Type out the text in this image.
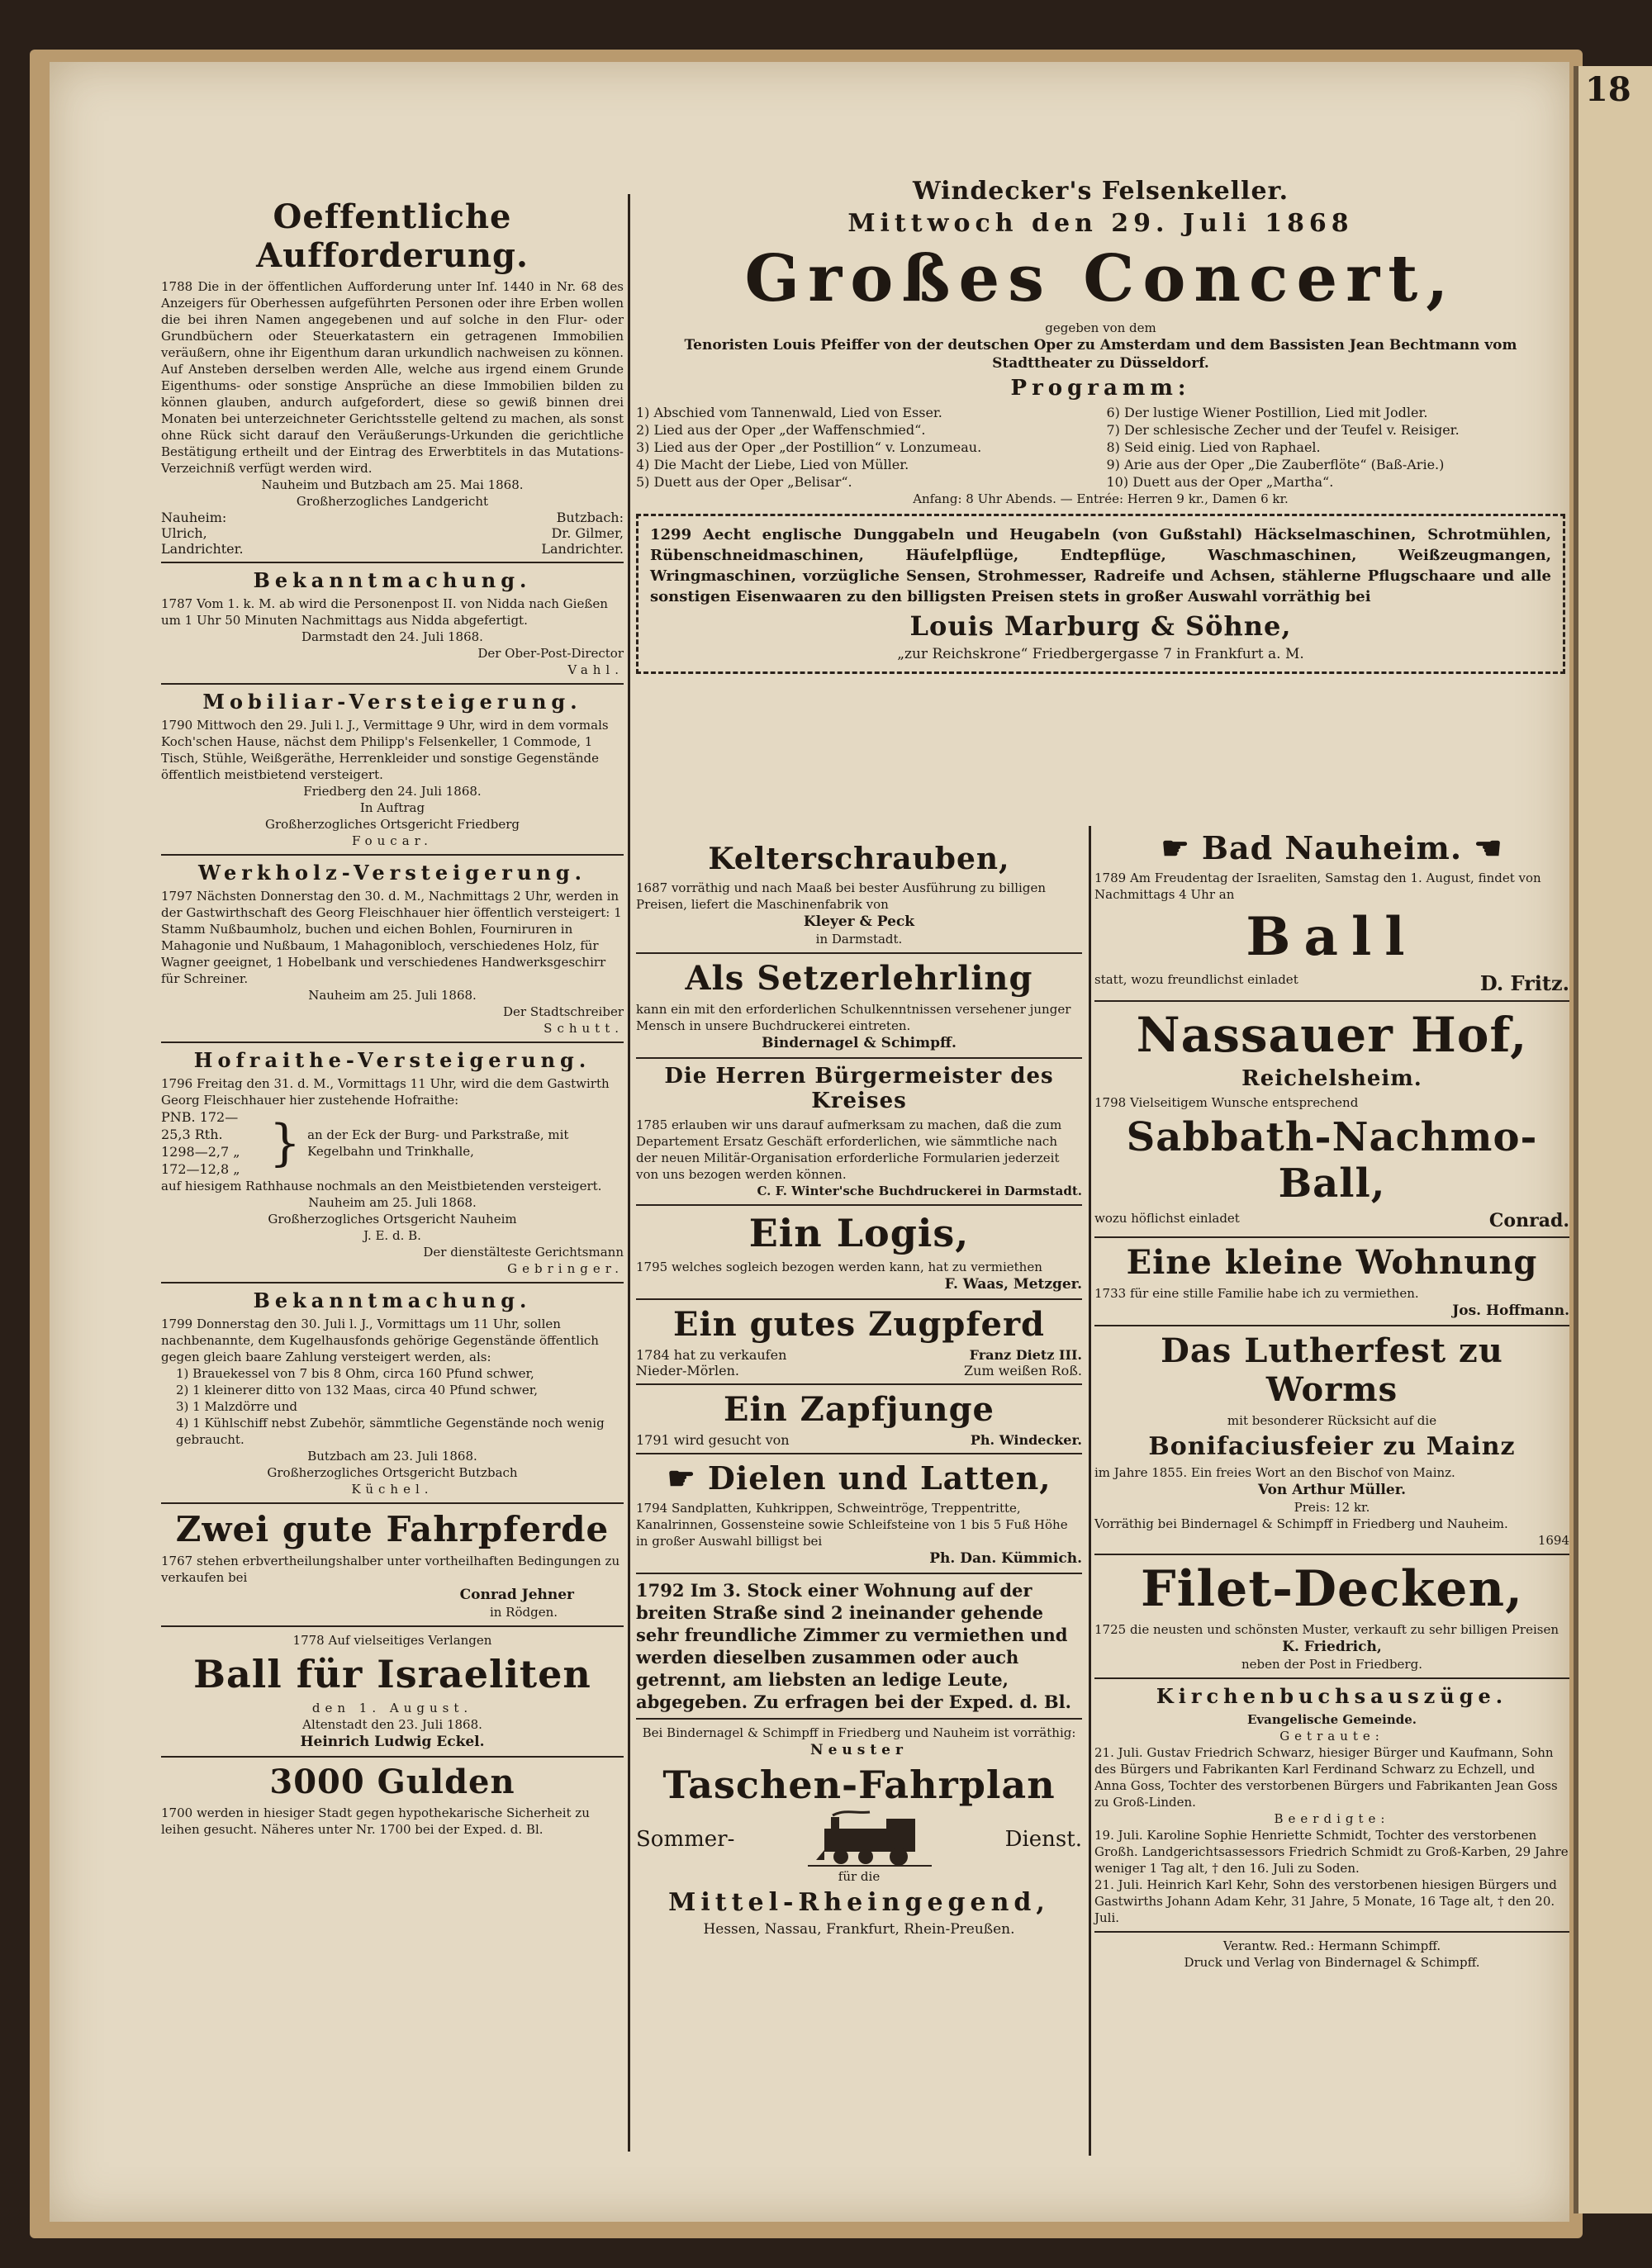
18
Oeffentliche Aufforderung.
1788 Die in der öffentlichen Aufforderung unter Inf. 1440 in Nr. 68 des Anzeigers für Oberhessen aufgeführten Personen oder ihre Erben wollen die bei ihren Namen angegebenen und auf solche in den Flur- oder Grundbüchern oder Steuerkatastern ein getragenen Immobilien veräußern, ohne ihr Eigenthum daran urkundlich nachweisen zu können. Auf Ansteben derselben werden Alle, welche aus irgend einem Grunde Eigenthums- oder sonstige Ansprüche an diese Immobilien bilden zu können glauben, andurch aufgefordert, diese so gewiß binnen drei Monaten bei unterzeichneter Gerichtsstelle geltend zu machen, als sonst ohne Rück sicht darauf den Veräußerungs-Urkunden die gerichtliche Bestätigung ertheilt und der Eintrag des Erwerbtitels in das Mutations-Verzeichniß verfügt werden wird.
Nauheim und Butzbach am 25. Mai 1868.
Großherzogliches Landgericht
Nauheim:	Butzbach:
Ulrich,	Dr. Gilmer,
Landrichter.	Landrichter.
Bekanntmachung.
1787 Vom 1. k. M. ab wird die Personenpost II. von Nidda nach Gießen um 1 Uhr 50 Minuten Nachmittags aus Nidda abgefertigt.
Darmstadt den 24. Juli 1868.
Der Ober-Post-Director
Vahl.
Mobiliar-Versteigerung.
1790 Mittwoch den 29. Juli l. J., Vermittage 9 Uhr, wird in dem vormals Koch'schen Hause, nächst dem Philipp's Felsenkeller, 1 Commode, 1 Tisch, Stühle, Weißgeräthe, Herrenkleider und sonstige Gegenstände öffentlich meistbietend versteigert.
Friedberg den 24. Juli 1868.
In Auftrag
Großherzogliches Ortsgericht Friedberg
Foucar.
Werkholz-Versteigerung.
1797 Nächsten Donnerstag den 30. d. M., Nachmittags 2 Uhr, werden in der Gastwirthschaft des Georg Fleischhauer hier öffentlich versteigert: 1 Stamm Nußbaumholz, buchen und eichen Bohlen, Fourniruren in Mahagonie und Nußbaum, 1 Mahagonibloch, verschiedenes Holz, für Wagner geeignet, 1 Hobelbank und verschiedenes Handwerksgeschirr für Schreiner.
Nauheim am 25. Juli 1868.
Der Stadtschreiber
Schutt.
Hofraithe-Versteigerung.
1796 Freitag den 31. d. M., Vormittags 11 Uhr, wird die dem Gastwirth Georg Fleischhauer hier zustehende Hofraithe:
PNB. 172—25,3 Rth.
1298—2,7 „
172—12,8 „ } an der Eck der Burg- und Parkstraße, mit Kegelbahn und Trinkhalle,
auf hiesigem Rathhause nochmals an den Meistbietenden versteigert.
Nauheim am 25. Juli 1868.
Großherzogliches Ortsgericht Nauheim
J. E. d. B.
Der dienstälteste Gerichtsmann
Gebringer.
Bekanntmachung.
1799 Donnerstag den 30. Juli l. J., Vormittags um 11 Uhr, sollen nachbenannte, dem Kugelhausfonds gehörige Gegenstände öffentlich gegen gleich baare Zahlung versteigert werden, als:
1) Brauekessel von 7 bis 8 Ohm, circa 160 Pfund schwer,
2) 1 kleinerer ditto von 132 Maas, circa 40 Pfund schwer,
3) 1 Malzdörre und
4) 1 Kühlschiff nebst Zubehör, sämmtliche Gegenstände noch wenig gebraucht.
Butzbach am 23. Juli 1868.
Großherzogliches Ortsgericht Butzbach
Küchel.
Zwei gute Fahrpferde
1767 stehen erbvertheilungshalber unter vortheilhaften Bedingungen zu verkaufen bei
Conrad Jehner
in Rödgen.
1778 Auf vielseitiges Verlangen
Ball für Israeliten
den 1. August.
Altenstadt den 23. Juli 1868.
Heinrich Ludwig Eckel.
3000 Gulden
1700 werden in hiesiger Stadt gegen hypothekarische Sicherheit zu leihen gesucht. Näheres unter Nr. 1700 bei der Exped. d. Bl.
Windecker's Felsenkeller.
Mittwoch den 29. Juli 1868
Großes Concert,
gegeben von dem
Tenoristen Louis Pfeiffer von der deutschen Oper zu Amsterdam und dem Bassisten Jean Bechtmann vom Stadttheater zu Düsseldorf.
Programm:
1) Abschied vom Tannenwald, Lied von Esser.
2) Lied aus der Oper „der Waffenschmied“.
3) Lied aus der Oper „der Postillion“ v. Lonzumeau.
4) Die Macht der Liebe, Lied von Müller.
5) Duett aus der Oper „Belisar“.
6) Der lustige Wiener Postillion, Lied mit Jodler.
7) Der schlesische Zecher und der Teufel v. Reisiger.
8) Seid einig. Lied von Raphael.
9) Arie aus der Oper „Die Zauberflöte“ (Baß-Arie.)
10) Duett aus der Oper „Martha“.
Anfang: 8 Uhr Abends. — Entrée: Herren 9 kr., Damen 6 kr.
1299 Aecht englische Dunggabeln und Heugabeln (von Gußstahl) Häckselmaschinen, Schrotmühlen, Rübenschneidmaschinen, Häufelpflüge, Endtepflüge, Waschmaschinen, Weißzeugmangen, Wringmaschinen, vorzügliche Sensen, Strohmesser, Radreife und Achsen, stählerne Pflugschaare und alle sonstigen Eisenwaaren zu den billigsten Preisen stets in großer Auswahl vorräthig bei
Louis Marburg & Söhne,
„zur Reichskrone“ Friedbergergasse 7 in Frankfurt a. M.
Kelterschrauben,
1687 vorräthig und nach Maaß bei bester Ausführung zu billigen Preisen, liefert die Maschinenfabrik von
Kleyer & Peck
in Darmstadt.
Als Setzerlehrling
kann ein mit den erforderlichen Schulkenntnissen versehener junger Mensch in unsere Buchdruckerei eintreten.
Bindernagel & Schimpff.
Die Herren Bürgermeister des Kreises
1785 erlauben wir uns darauf aufmerksam zu machen, daß die zum Departement Ersatz Geschäft erforderlichen, wie sämmtliche nach der neuen Militär-Organisation erforderliche Formularien jederzeit von uns bezogen werden können.
C. F. Winter'sche Buchdruckerei in Darmstadt.
Ein Logis,
1795 welches sogleich bezogen werden kann, hat zu vermiethen
F. Waas, Metzger.
Ein gutes Zugpferd
1784 hat zu verkaufen	Franz Dietz III.
Nieder-Mörlen.	Zum weißen Roß.
Ein Zapfjunge
1791 wird gesucht von	Ph. Windecker.
☛ Dielen und Latten,
1794 Sandplatten, Kuhkrippen, Schweintröge, Treppentritte, Kanalrinnen, Gossensteine sowie Schleifsteine von 1 bis 5 Fuß Höhe in großer Auswahl billigst bei
Ph. Dan. Kümmich.
1792 Im 3. Stock einer Wohnung auf der breiten Straße sind 2 ineinander gehende sehr freundliche Zimmer zu vermiethen und werden dieselben zusammen oder auch getrennt, am liebsten an ledige Leute, abgegeben. Zu erfragen bei der Exped. d. Bl.
Bei Bindernagel & Schimpff in Friedberg und Nauheim ist vorräthig:
Neuster
Taschen-Fahrplan
Sommer-	Dienst.
für die
Mittel-Rheingegend,
Hessen, Nassau, Frankfurt, Rhein-Preußen.
☛ Bad Nauheim. ☚
1789 Am Freudentag der Israeliten, Samstag den 1. August, findet von Nachmittags 4 Uhr an
Ball
statt, wozu freundlichst einladet	D. Fritz.
Nassauer Hof,
Reichelsheim.
1798 Vielseitigem Wunsche entsprechend
Sabbath-Nachmo-Ball,
wozu höflichst einladet	Conrad.
Eine kleine Wohnung
1733 für eine stille Familie habe ich zu vermiethen.
Jos. Hoffmann.
Das Lutherfest zu Worms
mit besonderer Rücksicht auf die
Bonifaciusfeier zu Mainz
im Jahre 1855. Ein freies Wort an den Bischof von Mainz.
Von Arthur Müller.
Preis: 12 kr.
Vorräthig bei Bindernagel & Schimpff in Friedberg und Nauheim.
1694
Filet-Decken,
1725 die neusten und schönsten Muster, verkauft zu sehr billigen Preisen
K. Friedrich,
neben der Post in Friedberg.
Kirchenbuchsauszüge.
Evangelische Gemeinde.
Getraute:
21. Juli. Gustav Friedrich Schwarz, hiesiger Bürger und Kaufmann, Sohn des Bürgers und Fabrikanten Karl Ferdinand Schwarz zu Echzell, und Anna Goss, Tochter des verstorbenen Bürgers und Fabrikanten Jean Goss zu Groß-Linden.
Beerdigte:
19. Juli. Karoline Sophie Henriette Schmidt, Tochter des verstorbenen Großh. Landgerichtsassessors Friedrich Schmidt zu Groß-Karben, 29 Jahre weniger 1 Tag alt, † den 16. Juli zu Soden.
21. Juli. Heinrich Karl Kehr, Sohn des verstorbenen hiesigen Bürgers und Gastwirths Johann Adam Kehr, 31 Jahre, 5 Monate, 16 Tage alt, † den 20. Juli.
Verantw. Red.: Hermann Schimpff.
Druck und Verlag von Bindernagel & Schimpff.
